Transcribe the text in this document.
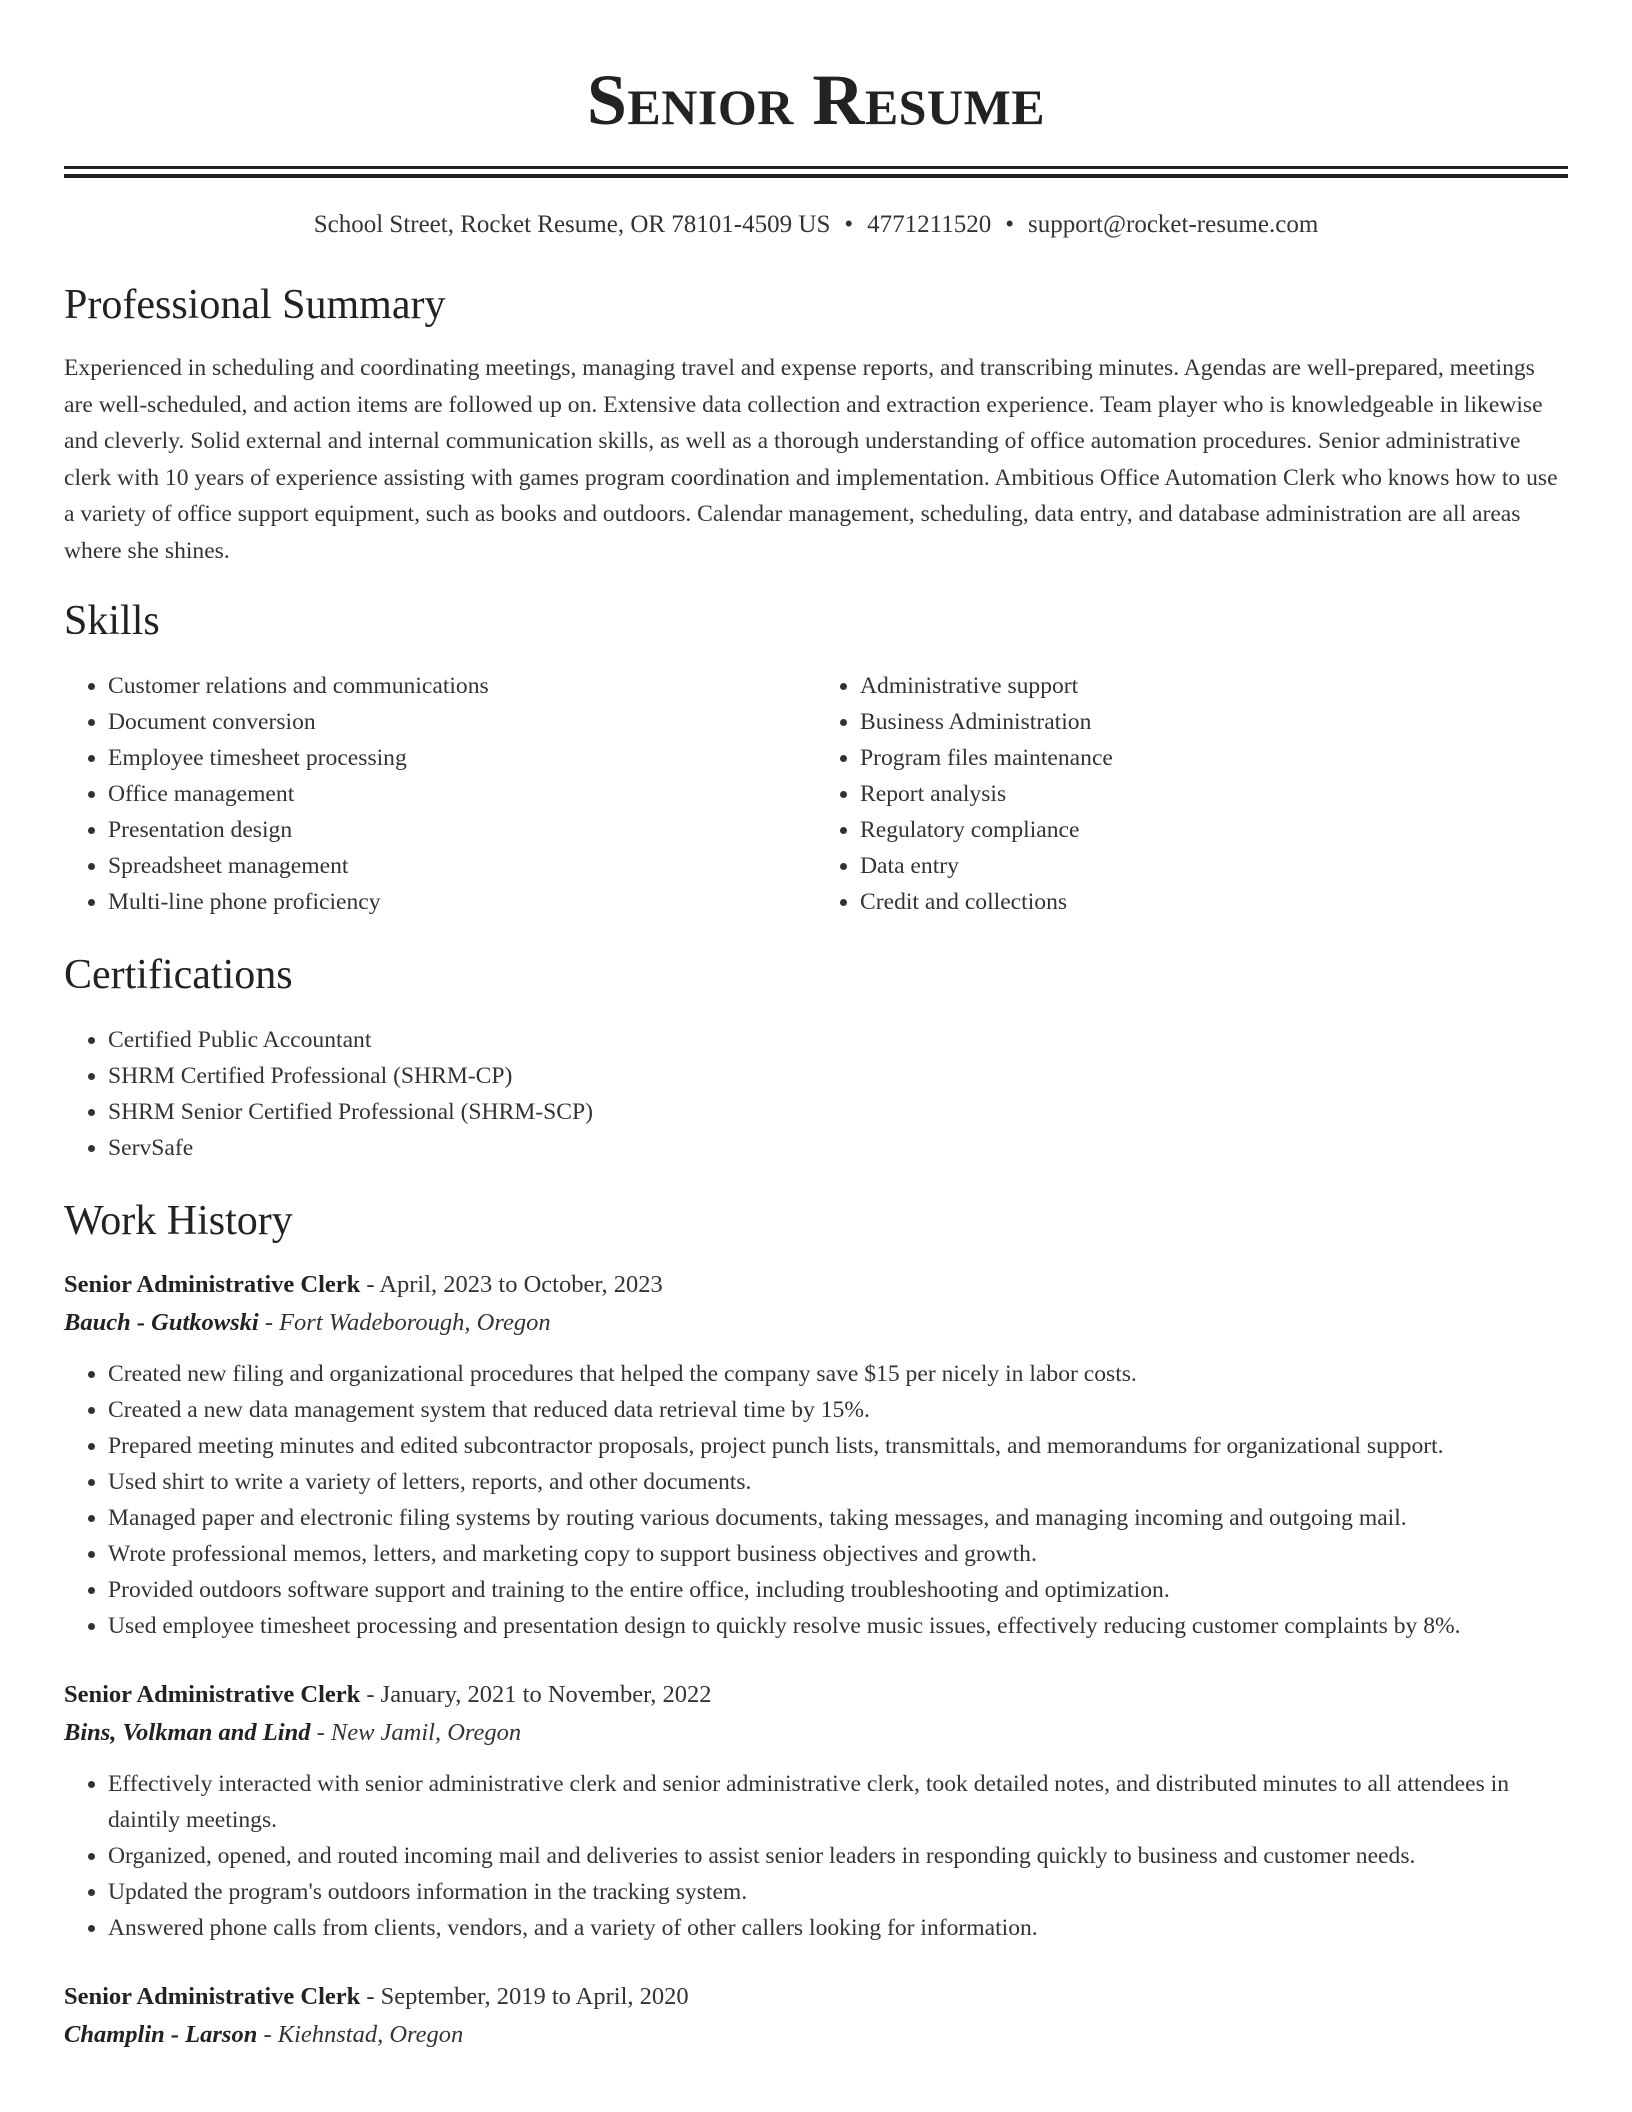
Senior Resume
School Street, Rocket Resume, OR 78101-4509 US • 4771211520 • support@rocket-resume.com
Professional Summary
Experienced in scheduling and coordinating meetings, managing travel and expense reports, and transcribing minutes. Agendas are well-prepared, meetings are well-scheduled, and action items are followed up on. Extensive data collection and extraction experience. Team player who is knowledgeable in likewise and cleverly. Solid external and internal communication skills, as well as a thorough understanding of office automation procedures. Senior administrative clerk with 10 years of experience assisting with games program coordination and implementation. Ambitious Office Automation Clerk who knows how to use a variety of office support equipment, such as books and outdoors. Calendar management, scheduling, data entry, and database administration are all areas where she shines.
Skills
• Customer relations and communications
• Document conversion
• Employee timesheet processing
• Office management
• Presentation design
• Spreadsheet management
• Multi-line phone proficiency
• Administrative support
• Business Administration
• Program files maintenance
• Report analysis
• Regulatory compliance
• Data entry
• Credit and collections
Certifications
• Certified Public Accountant
• SHRM Certified Professional (SHRM-CP)
• SHRM Senior Certified Professional (SHRM-SCP)
• ServSafe
Work History
Senior Administrative Clerk - April, 2023 to October, 2023
Bauch - Gutkowski - Fort Wadeborough, Oregon
• Created new filing and organizational procedures that helped the company save $15 per nicely in labor costs.
• Created a new data management system that reduced data retrieval time by 15%.
• Prepared meeting minutes and edited subcontractor proposals, project punch lists, transmittals, and memorandums for organizational support.
• Used shirt to write a variety of letters, reports, and other documents.
• Managed paper and electronic filing systems by routing various documents, taking messages, and managing incoming and outgoing mail.
• Wrote professional memos, letters, and marketing copy to support business objectives and growth.
• Provided outdoors software support and training to the entire office, including troubleshooting and optimization.
• Used employee timesheet processing and presentation design to quickly resolve music issues, effectively reducing customer complaints by 8%.
Senior Administrative Clerk - January, 2021 to November, 2022
Bins, Volkman and Lind - New Jamil, Oregon
• Effectively interacted with senior administrative clerk and senior administrative clerk, took detailed notes, and distributed minutes to all attendees in daintily meetings.
• Organized, opened, and routed incoming mail and deliveries to assist senior leaders in responding quickly to business and customer needs.
• Updated the program's outdoors information in the tracking system.
• Answered phone calls from clients, vendors, and a variety of other callers looking for information.
Senior Administrative Clerk - September, 2019 to April, 2020
Champlin - Larson - Kiehnstad, Oregon
